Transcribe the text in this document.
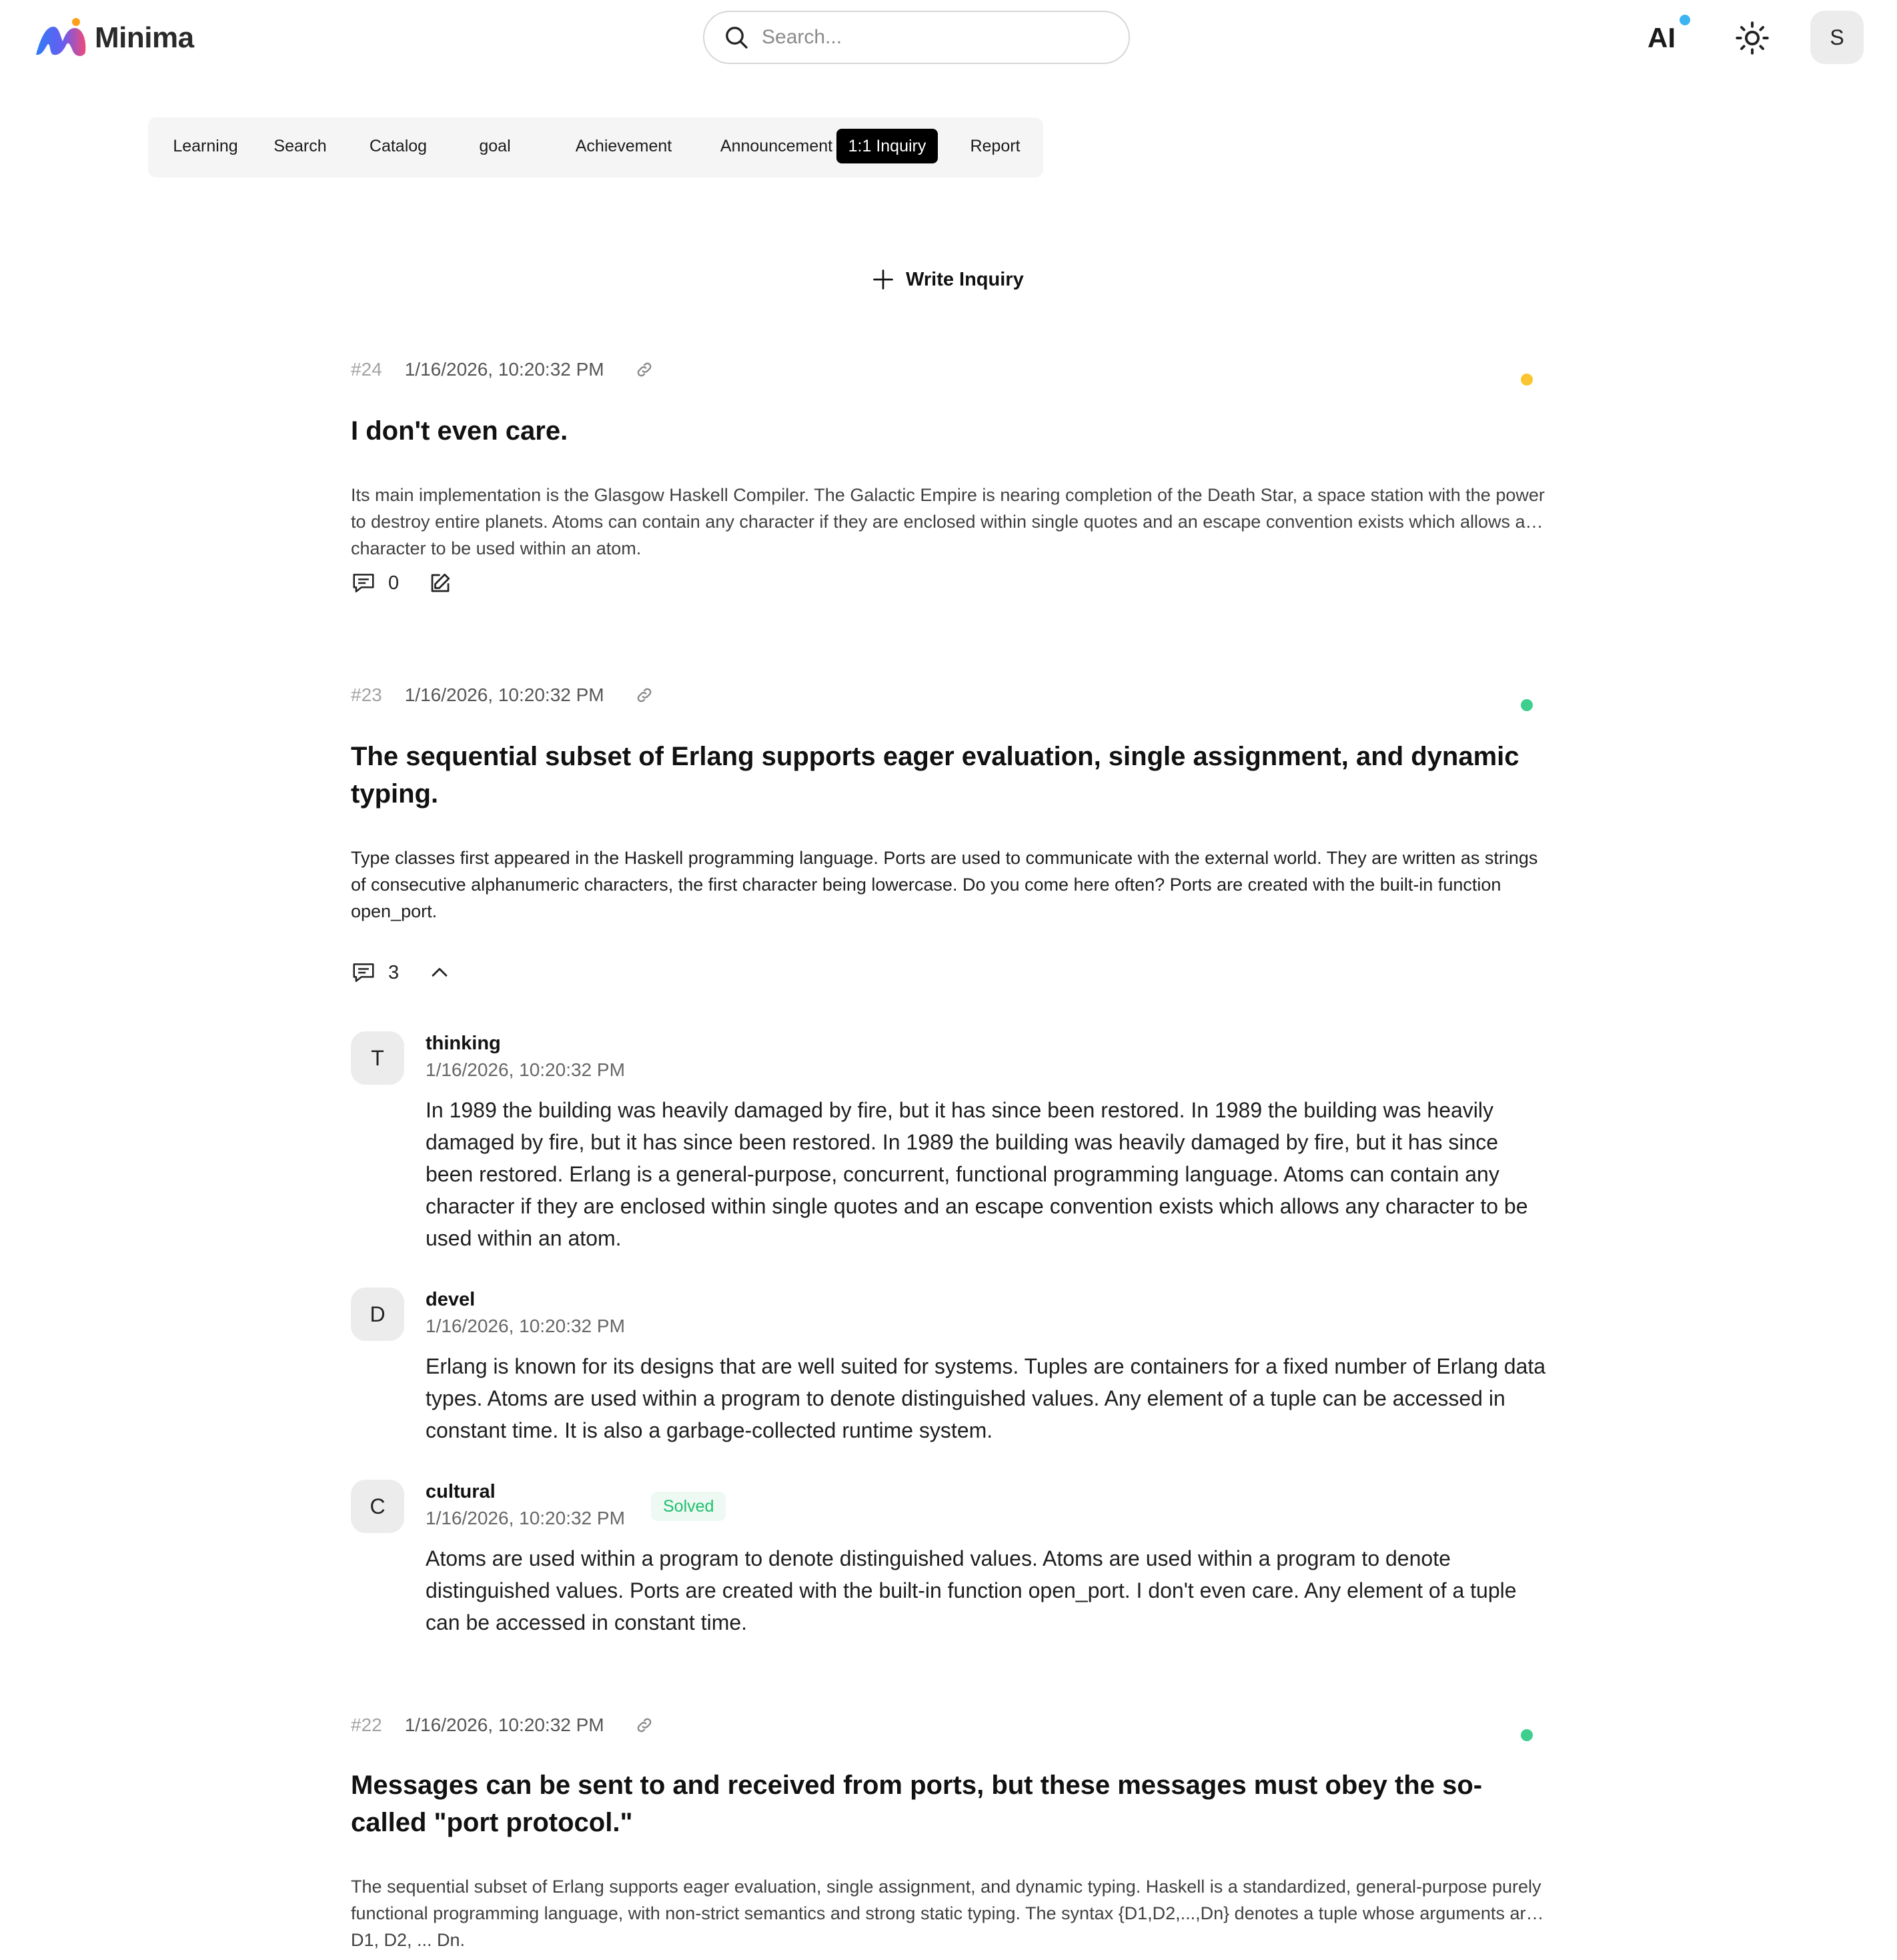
Minima
Search...	AI	S
Learning	Search	Catalog	goal	Achievement	Announcement 1:1 Inquiry	Report
Write Inquiry
#24 1/16/2026, 10:20:32 PM
I don't even care.
Its main implementation is the Glasgow Haskell Compiler. The Galactic Empire is nearing completion of the Death Star, a space station with the power to destroy entire planets. Atoms can contain any character if they are enclosed within single quotes and an escape convention exists which allows any character to be used within an atom.
0
#23 1/16/2026, 10:20:32 PM
The sequential subset of Erlang supports eager evaluation, single assignment, and dynamic typing.
Type classes first appeared in the Haskell programming language. Ports are used to communicate with the external world. They are written as strings of consecutive alphanumeric characters, the first character being lowercase. Do you come here often? Ports are created with the built-in function open_port.
3
T
thinking
1/16/2026, 10:20:32 PM
In 1989 the building was heavily damaged by fire, but it has since been restored. In 1989 the building was heavily damaged by fire, but it has since been restored. In 1989 the building was heavily damaged by fire, but it has since been restored. Erlang is a general-purpose, concurrent, functional programming language. Atoms can contain any character if they are enclosed within single quotes and an escape convention exists which allows any character to be used within an atom.
D
devel
1/16/2026, 10:20:32 PM
Erlang is known for its designs that are well suited for systems. Tuples are containers for a fixed number of Erlang data types. Atoms are used within a program to denote distinguished values. Any element of a tuple can be accessed in constant time. It is also a garbage-collected runtime system.
C
cultural
1/16/2026, 10:20:32 PM
Solved
Atoms are used within a program to denote distinguished values. Atoms are used within a program to denote distinguished values. Ports are created with the built-in function open_port. I don't even care. Any element of a tuple can be accessed in constant time.
#22 1/16/2026, 10:20:32 PM
Messages can be sent to and received from ports, but these messages must obey the so-called "port protocol."
The sequential subset of Erlang supports eager evaluation, single assignment, and dynamic typing. Haskell is a standardized, general-purpose purely functional programming language, with non-strict semantics and strong static typing. The syntax {D1,D2,...,Dn} denotes a tuple whose arguments are D1, D2, ... Dn.
